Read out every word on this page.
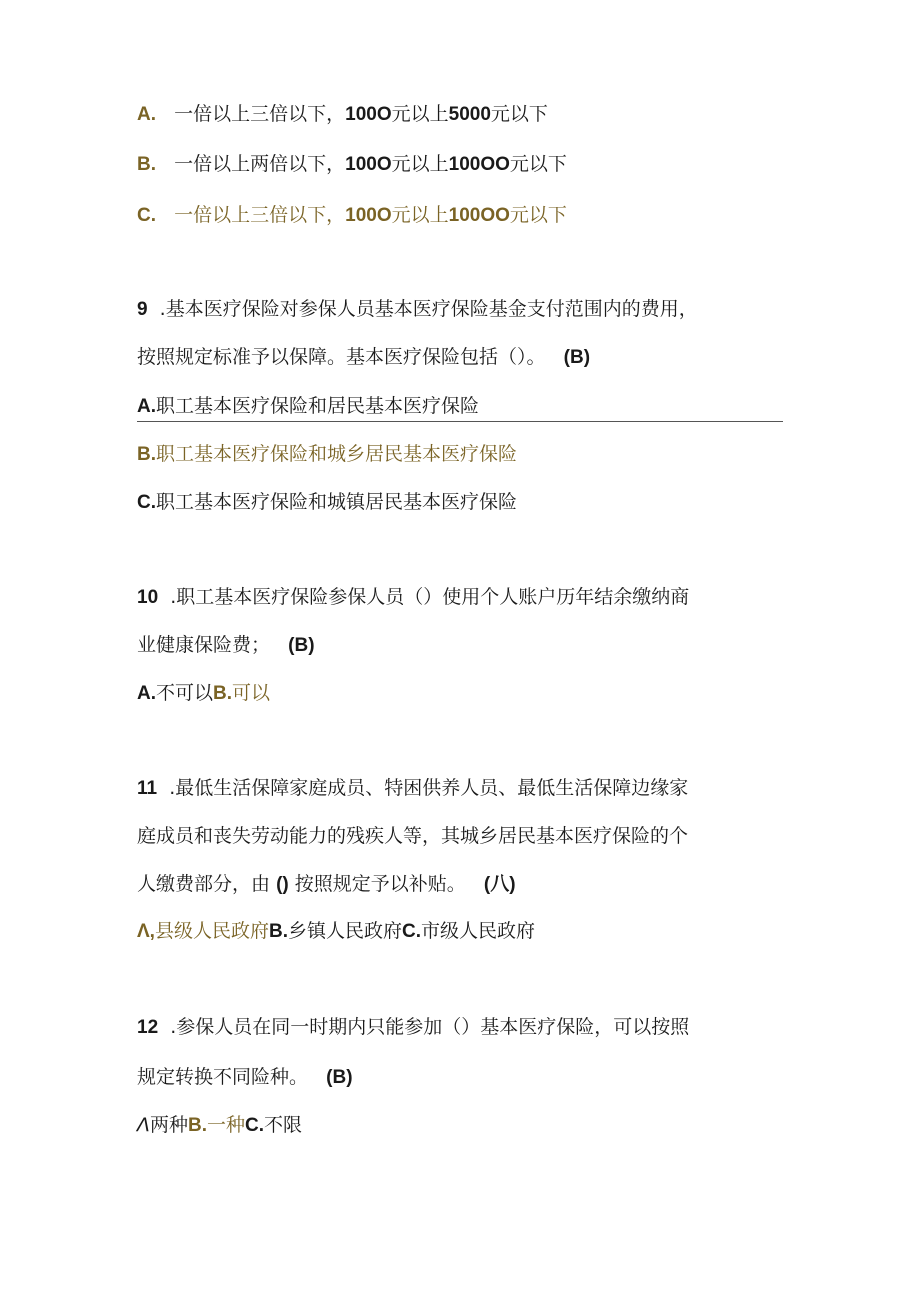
A. 一倍以上三倍以下，100O元以上5000元以下
B. 一倍以上两倍以下，100O元以上100OO元以下
C. 一倍以上三倍以下，100O元以上100OO元以下
9 .基本医疗保险对参保人员基本医疗保险基金支付范围内的费用，
按照规定标准予以保障。基本医疗保险包括（）。 (B)
A.职工基本医疗保险和居民基本医疗保险
B.职工基本医疗保险和城乡居民基本医疗保险
C.职工基本医疗保险和城镇居民基本医疗保险
10 .职工基本医疗保险参保人员（）使用个人账户历年结余缴纳商
业健康保险费； (B)
A.不可以B.可以
11 .最低生活保障家庭成员、特困供养人员、最低生活保障边缘家
庭成员和丧失劳动能力的残疾人等，其城乡居民基本医疗保险的个
人缴费部分，由 () 按照规定予以补贴。 (八)
Λ,县级人民政府B.乡镇人民政府C.市级人民政府
12 .参保人员在同一时期内只能参加（）基本医疗保险，可以按照
规定转换不同险种。 (B)
Λ两种B.一种C.不限
